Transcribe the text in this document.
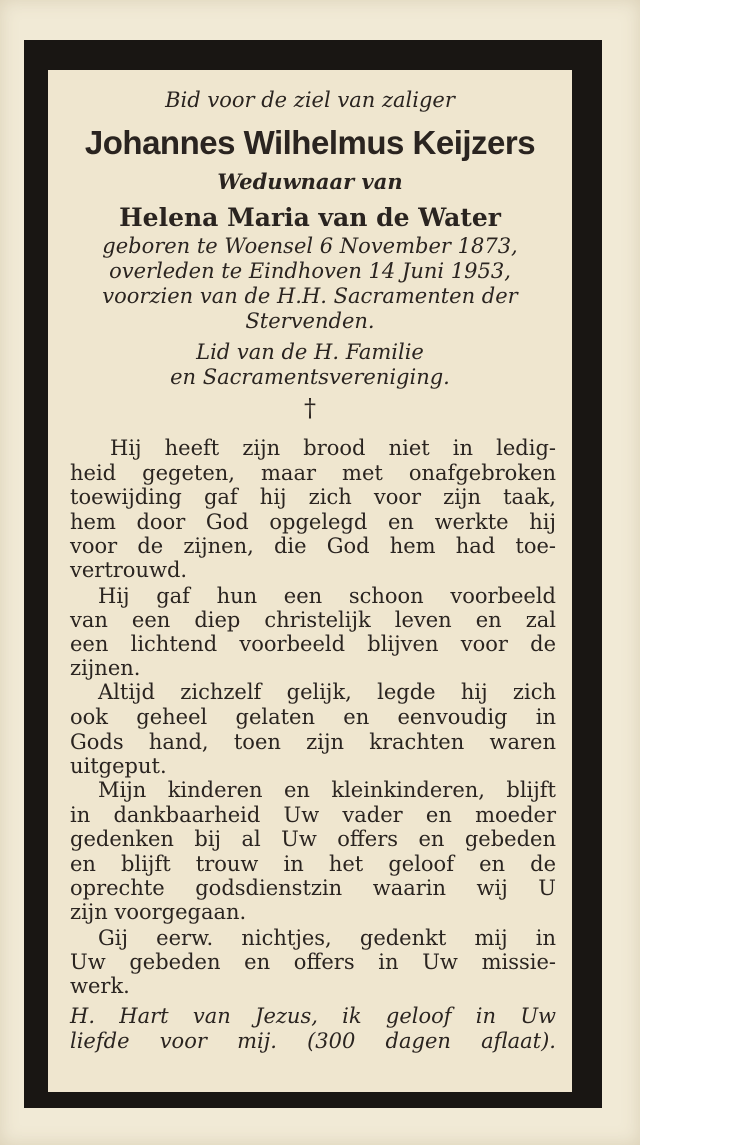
Bid voor de ziel van zaliger
Johannes Wilhelmus Keijzers
Weduwnaar van
Helena Maria van de Water
geboren te Woensel 6 November 1873,
overleden te Eindhoven 14 Juni 1953,
voorzien van de H.H. Sacramenten der
Stervenden.
Lid van de H. Familie
en Sacramentsvereniging.
†
Hij heeft zijn brood niet in ledig-
heid gegeten, maar met onafgebroken
toewijding gaf hij zich voor zijn taak,
hem door God opgelegd en werkte hij
voor de zijnen, die God hem had toe-
vertrouwd.
Hij gaf hun een schoon voorbeeld
van een diep christelijk leven en zal
een lichtend voorbeeld blijven voor de
zijnen.
Altijd zichzelf gelijk, legde hij zich
ook geheel gelaten en eenvoudig in
Gods hand, toen zijn krachten waren
uitgeput.
Mijn kinderen en kleinkinderen, blijft
in dankbaarheid Uw vader en moeder
gedenken bij al Uw offers en gebeden
en blijft trouw in het geloof en de
oprechte godsdienstzin waarin wij U
zijn voorgegaan.
Gij eerw. nichtjes, gedenkt mij in
Uw gebeden en offers in Uw missie-
werk.
H. Hart van Jezus, ik geloof in Uw
liefde voor mij. (300 dagen aflaat).
